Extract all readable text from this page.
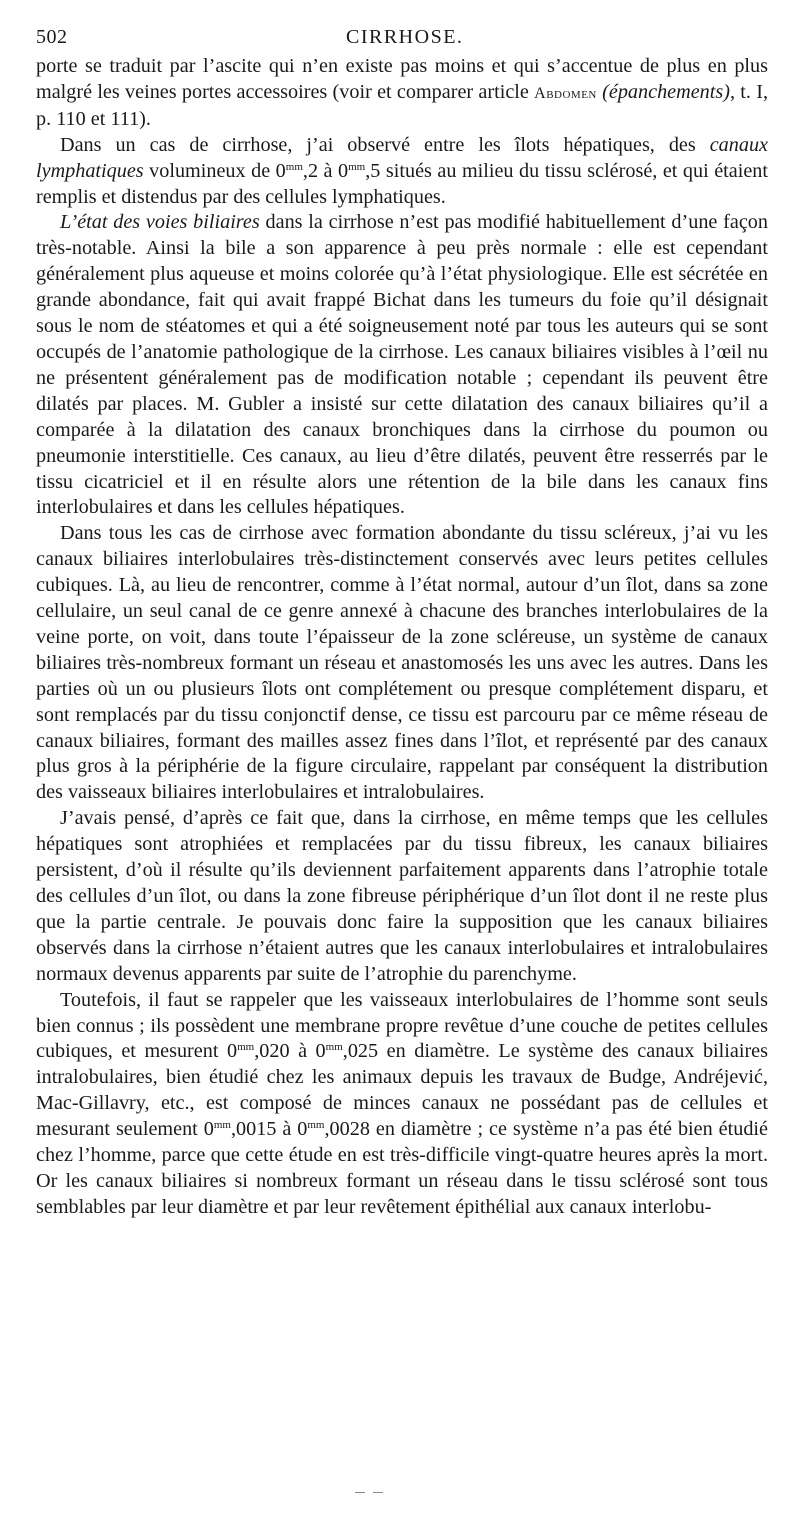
502	CIRRHOSE.

porte se traduit par l’ascite qui n’en existe pas moins et qui s’accentue de plus en plus malgré les veines portes accessoires (voir et comparer article Abdomen (épanchements), t. I, p. 110 et 111).

Dans un cas de cirrhose, j’ai observé entre les îlots hépatiques, des canaux lymphatiques volumineux de $0^{mm},2$ à $0^{mm},5$ situés au milieu du tissu sclérosé, et qui étaient remplis et distendus par des cellules lymphatiques.

L’état des voies biliaires dans la cirrhose n’est pas modifié habituellement d’une façon très-notable. Ainsi la bile a son apparence à peu près normale : elle est cependant généralement plus aqueuse et moins colorée qu’à l’état physiologique. Elle est sécrétée en grande abondance, fait qui avait frappé Bichat dans les tumeurs du foie qu’il désignait sous le nom de stéatomes et qui a été soigneusement noté par tous les auteurs qui se sont occupés de l’anatomie pathologique de la cirrhose. Les canaux biliaires visibles à l’œil nu ne présentent généralement pas de modification notable ; cependant ils peuvent être dilatés par places. M. Gubler a insisté sur cette dilatation des canaux biliaires qu’il a comparée à la dilatation des canaux bronchiques dans la cirrhose du poumon ou pneumonie interstitielle. Ces canaux, au lieu d’être dilatés, peuvent être resserrés par le tissu cicatriciel et il en résulte alors une rétention de la bile dans les canaux fins interlobulaires et dans les cellules hépatiques.

Dans tous les cas de cirrhose avec formation abondante du tissu scléreux, j’ai vu les canaux biliaires interlobulaires très-distinctement conservés avec leurs petites cellules cubiques. Là, au lieu de rencontrer, comme à l’état normal, autour d’un îlot, dans sa zone cellulaire, un seul canal de ce genre annexé à chacune des branches interlobulaires de la veine porte, on voit, dans toute l’épaisseur de la zone scléreuse, un système de canaux biliaires très-nombreux formant un réseau et anastomosés les uns avec les autres. Dans les parties où un ou plusieurs îlots ont complétement ou presque complétement disparu, et sont remplacés par du tissu conjonctif dense, ce tissu est parcouru par ce même réseau de canaux biliaires, formant des mailles assez fines dans l’îlot, et représenté par des canaux plus gros à la périphérie de la figure circulaire, rappelant par conséquent la distribution des vaisseaux biliaires interlobulaires et intralobulaires.

J’avais pensé, d’après ce fait que, dans la cirrhose, en même temps que les cellules hépatiques sont atrophiées et remplacées par du tissu fibreux, les canaux biliaires persistent, d’où il résulte qu’ils deviennent parfaitement apparents dans l’atrophie totale des cellules d’un îlot, ou dans la zone fibreuse périphérique d’un îlot dont il ne reste plus que la partie centrale. Je pouvais donc faire la supposition que les canaux biliaires observés dans la cirrhose n’étaient autres que les canaux interlobulaires et intralobulaires normaux devenus apparents par suite de l’atrophie du parenchyme.

Toutefois, il faut se rappeler que les vaisseaux interlobulaires de l’homme sont seuls bien connus ; ils possèdent une membrane propre revêtue d’une couche de petites cellules cubiques, et mesurent $0^{mm},020$ à $0^{mm},025$ en diamètre. Le système des canaux biliaires intralobulaires, bien étudié chez les animaux depuis les travaux de Budge, Andréjević, Mac-Gillavry, etc., est composé de minces canaux ne possédant pas de cellules et mesurant seulement $0^{mm},0015$ à $0^{mm},0028$ en diamètre ; ce système n’a pas été bien étudié chez l’homme, parce que cette étude en est très-difficile vingt-quatre heures après la mort. Or les canaux biliaires si nombreux formant un réseau dans le tissu sclérosé sont tous semblables par leur diamètre et par leur revêtement épithélial aux canaux interlobu-
